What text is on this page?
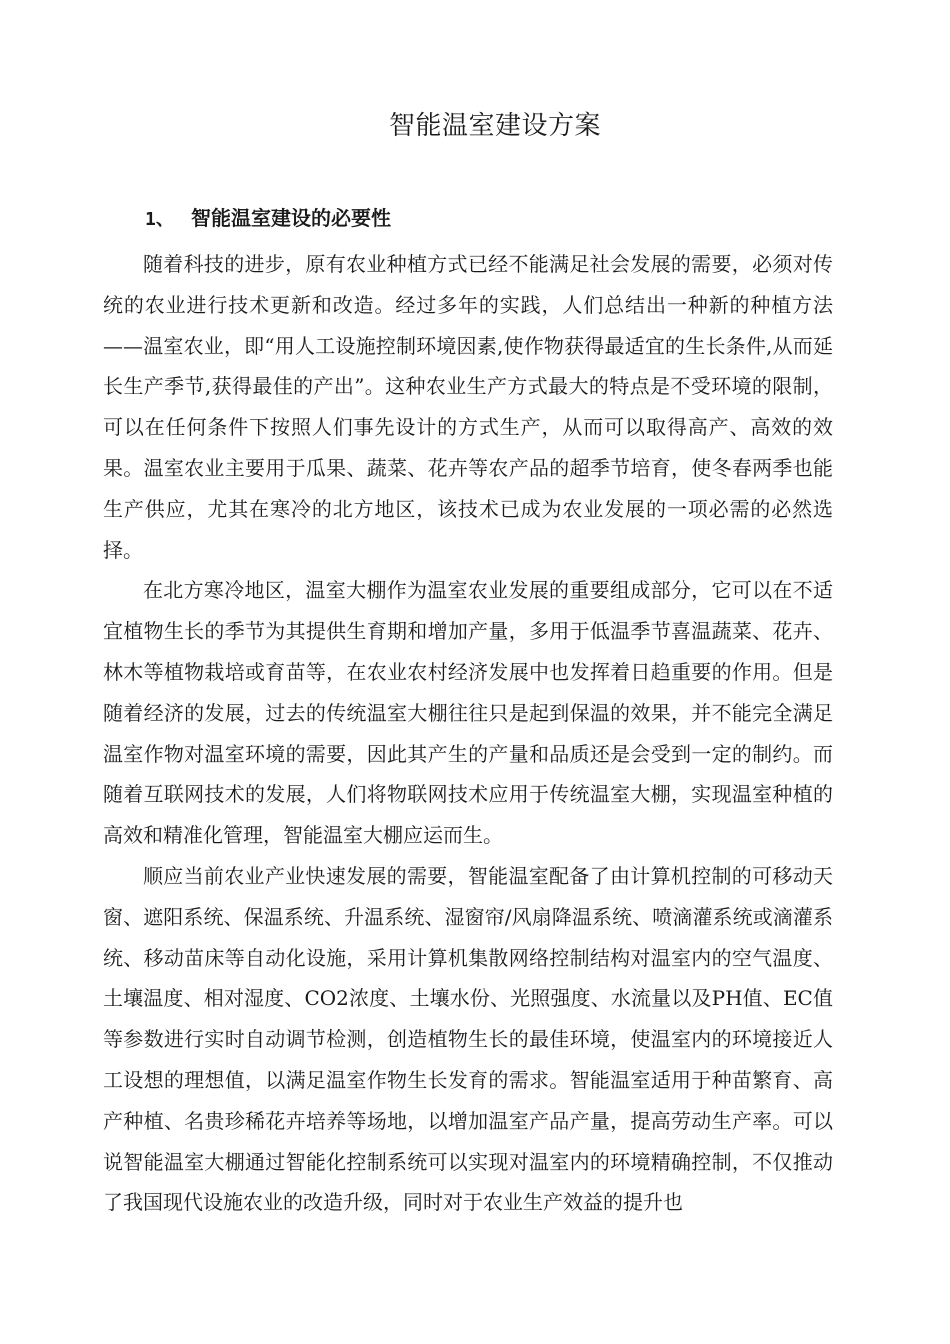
智能温室建设方案
1、 智能温室建设的必要性

随着科技的进步，原有农业种植方式已经不能满足社会发展的需要，必须对传统的农业进行技术更新和改造。经过多年的实践，人们总结出一种新的种植方法——温室农业，即“用人工设施控制环境因素,使作物获得最适宜的生长条件,从而延长生产季节,获得最佳的产出”。这种农业生产方式最大的特点是不受环境的限制，可以在任何条件下按照人们事先设计的方式生产，从而可以取得高产、高效的效果。温室农业主要用于瓜果、蔬菜、花卉等农产品的超季节培育，使冬春两季也能生产供应，尤其在寒冷的北方地区，该技术已成为农业发展的一项必需的必然选择。

在北方寒冷地区，温室大棚作为温室农业发展的重要组成部分，它可以在不适宜植物生长的季节为其提供生育期和增加产量，多用于低温季节喜温蔬菜、花卉、林木等植物栽培或育苗等，在农业农村经济发展中也发挥着日趋重要的作用。但是随着经济的发展，过去的传统温室大棚往往只是起到保温的效果，并不能完全满足温室作物对温室环境的需要，因此其产生的产量和品质还是会受到一定的制约。而随着互联网技术的发展，人们将物联网技术应用于传统温室大棚，实现温室种植的高效和精准化管理，智能温室大棚应运而生。

顺应当前农业产业快速发展的需要，智能温室配备了由计算机控制的可移动天窗、遮阳系统、保温系统、升温系统、湿窗帘/风扇降温系统、喷滴灌系统或滴灌系统、移动苗床等自动化设施，采用计算机集散网络控制结构对温室内的空气温度、土壤温度、相对湿度、CO2浓度、土壤水份、光照强度、水流量以及PH值、EC值等参数进行实时自动调节检测，创造植物生长的最佳环境，使温室内的环境接近人工设想的理想值，以满足温室作物生长发育的需求。智能温室适用于种苗繁育、高产种植、名贵珍稀花卉培养等场地，以增加温室产品产量，提高劳动生产率。可以说智能温室大棚通过智能化控制系统可以实现对温室内的环境精确控制，不仅推动了我国现代设施农业的改造升级，同时对于农业生产效益的提升也
